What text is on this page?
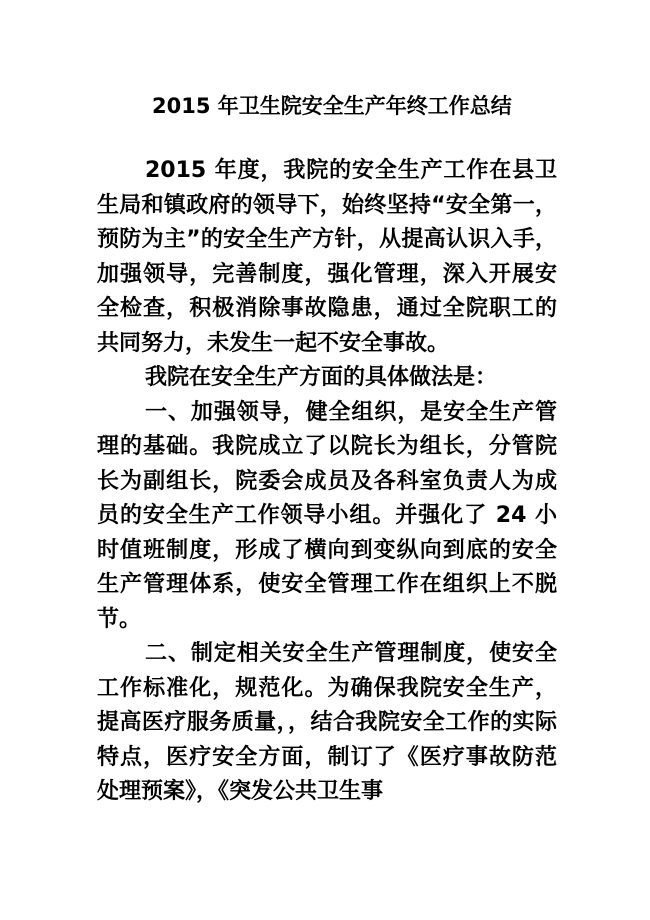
2015 年卫生院安全生产年终工作总结

2015 年度，我院的安全生产工作在县卫生局和镇政府的领导下，始终坚持“安全第一，预防为主”的安全生产方针，从提高认识入手，加强领导，完善制度，强化管理，深入开展安全检查，积极消除事故隐患，通过全院职工的共同努力，未发生一起不安全事故。

我院在安全生产方面的具体做法是：

一、加强领导，健全组织，是安全生产管理的基础。我院成立了以院长为组长，分管院长为副组长，院委会成员及各科室负责人为成员的安全生产工作领导小组。并强化了 24 小时值班制度，形成了横向到变纵向到底的安全生产管理体系，使安全管理工作在组织上不脱节。

二、制定相关安全生产管理制度，使安全工作标准化，规范化。为确保我院安全生产，提高医疗服务质量，，结合我院安全工作的实际特点，医疗安全方面，制订了《医疗事故防范处理预案》，《突发公共卫生事
